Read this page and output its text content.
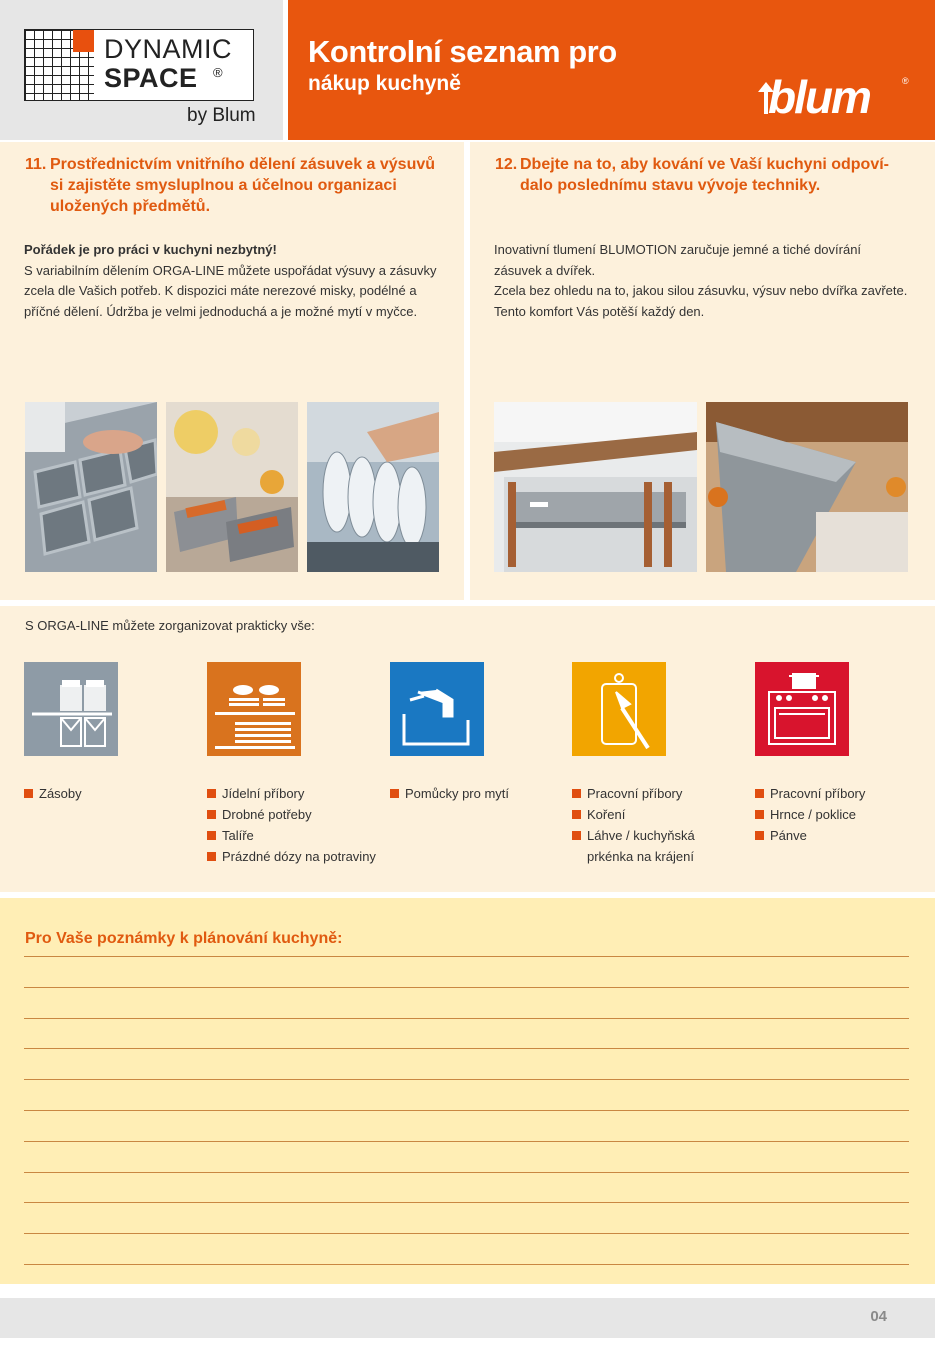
DYNAMIC
SPACE ®
by Blum
Kontrolní seznam pro
nákup kuchyně	blum	®
11. Prostřednictvím vnitřního dělení zásuvek a výsuvů
si zajistěte smysluplnou a účelnou organizaci
uložených předmětů.
Pořádek je pro práci v kuchyni nezbytný!
S variabilním dělením ORGA-LINE můžete uspořádat výsuvy a zásuvky zcela dle Vašich potřeb. K dispozici máte nerezové misky, podélné a příčné dělení. Údržba je velmi jednoduchá a je možné mytí v myčce.
12. Dbejte na to, aby kování ve Vaší kuchyni odpoví-
dalo poslednímu stavu vývoje techniky.
Inovativní tlumení BLUMOTION zaručuje jemné a tiché dovírání zásuvek a dvířek.
Zcela bez ohledu na to, jakou silou zásuvku, výsuv nebo dvířka zavřete. Tento komfort Vás potěší každý den.
S ORGA-LINE můžete zorganizovat prakticky vše:
Zásoby	Jídelní příbory
Drobné potřeby
Talíře
Prázdné dózy na potraviny
Pomůcky pro mytí	Pracovní příbory
Koření
Láhve / kuchyňská
prkénka na krájení
Pracovní příbory
Hrnce / poklice
Pánve
Pro Vaše poznámky k plánování kuchyně:
04
